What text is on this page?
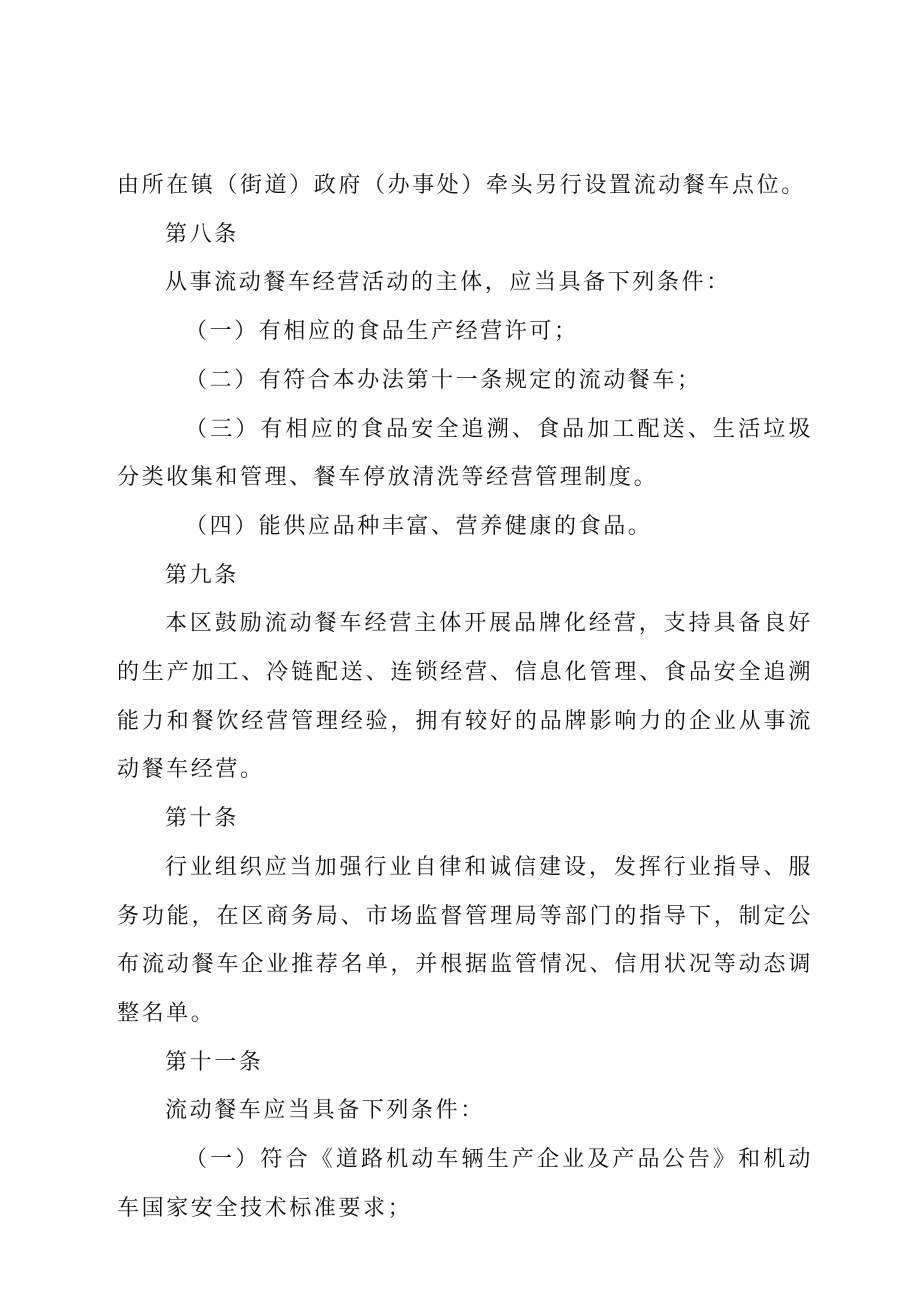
由所在镇（街道）政府（办事处）牵头另行设置流动餐车点位。

第八条

从事流动餐车经营活动的主体，应当具备下列条件：

（一）有相应的食品生产经营许可；

（二）有符合本办法第十一条规定的流动餐车；

（三）有相应的食品安全追溯、食品加工配送、生活垃圾分类收集和管理、餐车停放清洗等经营管理制度。

（四）能供应品种丰富、营养健康的食品。

第九条

本区鼓励流动餐车经营主体开展品牌化经营，支持具备良好的生产加工、冷链配送、连锁经营、信息化管理、食品安全追溯能力和餐饮经营管理经验，拥有较好的品牌影响力的企业从事流动餐车经营。

第十条

行业组织应当加强行业自律和诚信建设，发挥行业指导、服务功能，在区商务局、市场监督管理局等部门的指导下，制定公布流动餐车企业推荐名单，并根据监管情况、信用状况等动态调整名单。

第十一条

流动餐车应当具备下列条件：

（一）符合《道路机动车辆生产企业及产品公告》和机动车国家安全技术标准要求；
